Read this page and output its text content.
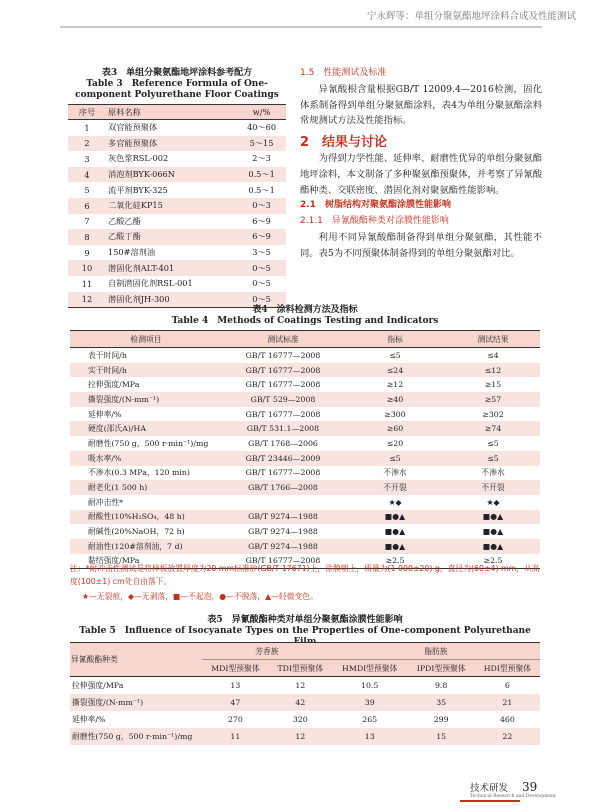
宁永辉等：单组分聚氨酯地坪涂料合成及性能测试
表3　单组分聚氨酯地坪涂料参考配方
Table 3　Reference Formula of One-component Polyurethane Floor Coatings
序号	原料名称	w/%
1	双官能预聚体	40～60
2	多官能预聚体	5～15
3	灰色浆RSL-002	2～3
4	消泡剂BYK-066N	0.5～1
5	流平剂BYK-325	0.5～1
6	二氧化硅KP15	0～3
7	乙酸乙酯	6～9
8	乙酸丁酯	6～9
9	150#溶剂油	3～5
10	潜固化剂ALT-401	0～5
11	自制潜固化剂RSL-001	0～5
12	潜固化剂JH-300	0～5
1.5　性能测试及标准
异氰酸根含量根据GB/T 12009.4—2016检测，固化体系制备得到单组分聚氨酯涂料，表4为单组分聚氨酯涂料常规测试方法及性能指标。
2　结果与讨论
为得到力学性能、延伸率、耐磨性优异的单组分聚氨酯地坪涂料，本文制备了多种聚氨酯预聚体，并考察了异氰酸酯种类、交联密度、潜固化剂对聚氨酯性能影响。
2.1　树脂结构对聚氨酯涂膜性能影响
2.1.1　异氰酸酯种类对涂膜性能影响
利用不同异氰酸酯制备得到单组分聚氨酯，其性能不同。表5为不同预聚体制备得到的单组分聚氨酯对比。
表4　涂料检测方法及指标
Table 4　Methods of Coatings Testing and Indicators
检测项目	测试标准	指标	测试结果
表干时间/h	GB/T 16777—2008	≤5	≤4
实干时间/h	GB/T 16777—2008	≤24	≤12
拉伸强度/MPa	GB/T 16777—2008	≥12	≥15
撕裂强度/(N·mm⁻¹)	GB/T 529—2008	≥40	≥57
延伸率/%	GB/T 16777—2008	≥300	≥302
硬度(邵氏A)/HA	GB/T 531.1—2008	≥60	≥74
耐磨性(750 g，500 r·min⁻¹)/mg	GB/T 1768—2006	≤20	≤5
吸水率/%	GB/T 23446—2009	≤5	≤5
不渗水(0.3 MPa，120 min)	GB/T 16777—2008	不渗水	不渗水
耐老化(1 500 h)	GB/T 1766—2008	不开裂	不开裂
耐冲击性*		★◆	★◆
耐酸性(10%H₂SO₄，48 h)	GB/T 9274—1988	■●▲	■●▲
耐碱性(20%NaOH，72 h)	GB/T 9274—1988	■●▲	■●▲
耐油性(120#溶剂油，7 d)	GB/T 9274—1988	■●▲	■●▲
黏结强度/MPa	GB/T 16777—2008	≥2.5	≥2.5
注：*耐冲击性测试是将样板放置厚度为20 mm标准砂(GB/T 17671)上，涂膜朝上，质量为(1 000±20) g，直径为(60±4) mm，从高度(100±1) cm处自由落下。
★—无裂痕，◆—无剥落，■—不起泡，●—不脱落，▲—轻微变色。
表5　异氰酸酯种类对单组分聚氨酯涂膜性能影响
Table 5　Influence of Isocyanate Types on the Properties of One-component Polyurethane
异氰酸酯种类	芳香族		脂肪族		
	MDI型预聚体	TDI型预聚体	HMDI型预聚体	IPDI型预聚体	HDI型预聚体
拉伸强度/MPa	13	12	10.5	9.8	6
撕裂强度/(N·mm⁻¹)	47	42	39	35	21
延伸率/%	270	320	265	299	460
耐磨性(750 g，500 r·min⁻¹)/mg	11	12	13	15	22
技术研发
Technical Research and Development
39
